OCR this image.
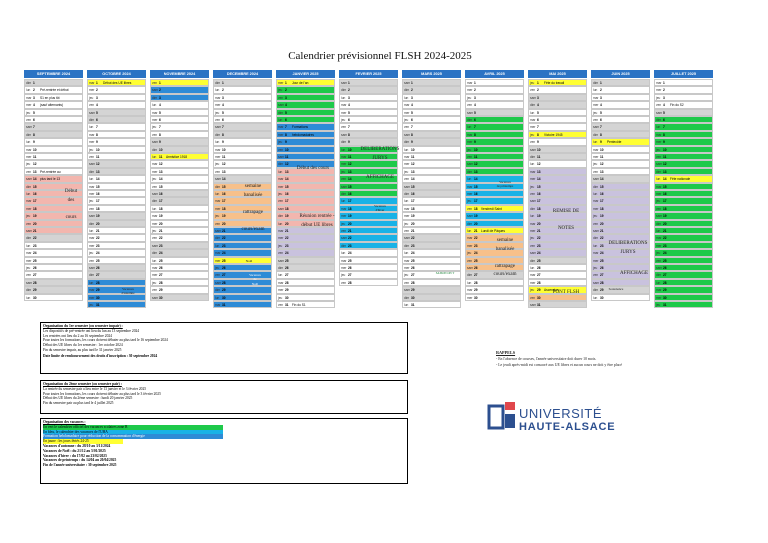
Calendrier prévisionnel FLSH 2024-2025
SEPTEMBRE 2024
dim 1
lun 2	Pré-rentrée et début
mar 3	S1 en plus tôt
mer 4	(sauf alternants)
jeu 5
ven 6
sam 7
dim 8
lun 9
mar 10
mer 11
jeu 12
ven 13	Pré-rentrée au
sam 14	plus tard le 13
dim 15
lun 16
mar 17
mer 18
jeu 19
ven 20
sam 21
dim 22
lun 23
mar 24
mer 25
jeu 26
ven 27
sam 28
dim 29
lun 30
OCTOBRE 2024
mar 1	Début des UE libres
mer 2
jeu 3
ven 4
sam 5
dim 6
lun 7
mar 8
mer 9
jeu 10
ven 11
sam 12
dim 13
lun 14
mar 15
mer 16
jeu 17
ven 18
sam 19
dim 20
lun 21
mar 22
mer 23
jeu 24
ven 25
sam 26
dim 27
lun 28
mar 29
mer 30
jeu 31
NOVEMBRE 2024
ven 1
sam 2
dim 3
lun 4
mar 5
mer 6
jeu 7
ven 8
sam 9
dim 10
lun 11	Armistice 1918
mar 12
mer 13
jeu 14
ven 15
sam 16
dim 17
lun 18
mar 19
mer 20
jeu 21
ven 22
sam 23
dim 24
lun 25
mar 26
mer 27
jeu 28
ven 29
sam 30
DECEMBRE 2024
dim 1
lun 2
mar 3
mer 4
jeu 5
ven 6
sam 7
dim 8
lun 9
mar 10
mer 11
jeu 12
ven 13
sam 14
dim 15
lun 16
mar 17
mer 18
jeu 19
ven 20
sam 21
dim 22
lun 23
mar 24
mer 25
jeu 26
ven 27
sam 28
dim 29
lun 30
mar 31
JANVIER 2025
mer 1	Jour de l'an
jeu 2
ven 3
sam 4
dim 5
lun 6
mar 7	Formations
mer 8	hebdomadaires
jeu 9
ven 10
sam 11
dim 12
lun 13
mar 14
mer 15
jeu 16
ven 17
sam 18
dim 19
lun 20
mar 21
mer 22
jeu 23
ven 24
sam 25
dim 26
lun 27
mar 28
mer 29
jeu 30
ven 31	Fin du S1
FEVRIER 2025
sam 1
dim 2
lun 3
mar 4
mer 5
jeu 6
ven 7
sam 8
dim 9
lun 10
mar 11
mer 12
jeu 13
ven 14
sam 15
dim 16
lun 17
mar 18
mer 19
jeu 20
ven 21
sam 22
dim 23
lun 24
mar 25
mer 26
jeu 27
ven 28
MARS 2025
sam 1
dim 2
lun 3
mar 4
mer 5
jeu 6
ven 7
sam 8
dim 9
lun 10
mar 11
mer 12
jeu 13
ven 14
sam 15
dim 16
lun 17
mar 18
mer 19
jeu 20
ven 21
sam 22
dim 23
lun 24
mar 25
mer 26
jeu 27
ven 28
sam 29
dim 30
lun 31
AVRIL 2025
mar 1
mer 2
jeu 3
ven 4
sam 5
dim 6
lun 7
mar 8
mer 9
jeu 10
ven 11
sam 12
dim 13
lun 14
mar 15
mer 16
jeu 17
ven 18	Vendredi Saint
sam 19
dim 20
lun 21	Lundi de Pâques
mar 22
mer 23
jeu 24
ven 25
sam 26
dim 27
lun 28
mar 29
mer 30
MAI 2025
jeu 1	Fête du travail
ven 2
sam 3
dim 4
lun 5
mar 6
mer 7
jeu 8	Victoire 1945
ven 9
sam 10
dim 11
lun 12
mar 13
mer 14
jeu 15
ven 16
sam 17
dim 18
lun 19
mar 20
mer 21
jeu 22
ven 23
sam 24
dim 25
lun 26
mar 27
mer 28
jeu 29	Ascension
ven 30
sam 31
JUIN 2025
dim 1
lun 2
mar 3
mer 4
jeu 5
ven 6
sam 7
dim 8
lun 9	Pentecôte
mar 10
mer 11
jeu 12
ven 13
sam 14
dim 15
lun 16
mar 17
mer 18
jeu 19
ven 20
sam 21
dim 22
lun 23
mar 24
mer 25
jeu 26
ven 27
sam 28
dim 29
lun 30
JUILLET 2025
mar 1
mer 2
jeu 3
ven 4	Fin du S2
sam 5
dim 6
lun 7
mar 8
mer 9
jeu 10
ven 11
sam 12
dim 13
lun 14	Fête nationale
mar 15
mer 16
jeu 17
ven 18
sam 19
dim 20
lun 21
mar 22
mer 23
jeu 24
ven 25
sam 26
dim 27
lun 28
mar 29
mer 30
jeu 31
Début
des

cours
semaine
banalisée

rattrapage

cours/exam
Début des cours
Réunion rentrée -
début UE libres
DELIBERATIONS
JURYS
AFFICHAGE
Vacances
d'hiver
SAISON ON T
Vacances
de printemps
semaine
banalisée

rattrapage
cours/exam
REMISE DE

NOTES
PONT FLSH
Soutenance
DELIBERATIONS
JURYS
AFFICHAGE
Noël
Vacances
de
Noël
Vacances
d'automne
Organisation du 1er semestre (ou semestre impair) :
Les dispositifs de pré-rentrée ont lieu du lun au 13 septembre 2024
Les rentrées ont lieu du 2 au 16 septembre 2024
Pour toutes les formations, les cours doivent débuter au plus tard le 16 septembre 2024
Début des UE libres du 1er semestre : 1er octobre 2024
Fin du semestre impair, au plus tard le 31 janvier 2025
Date limite de remboursement des droits d'inscription : 30 septembre 2024
Organisation du 2ème semestre (ou semestre pair) :
La rentrée du semestre pair a lieu entre le 13 janvier et le 3 février 2025
Pour toutes les formations, les cours doivent débuter au plus tard le 3 février 2025
Début des UE libres du 2ème semestre : lundi 20 janvier 2025
Fin du semestre pair au plus tard le 4 juillet 2025
Organisation des vacances :
En vert le calendrier officiel des vacances scolaires zone B
En bleu, le calendrier des vacances de l'UHA
Formation hebdomadaire pour réduction de la consommation d'énergie
En jaune : les jours fériés 24-25
Vacances d'automne : du 28/10 au 3/11/2024
Vacances de Noël : du 21/12 au 5/01/2025
Vacances d'hiver : du 17/02 au 23/02/2025
Vacances de printemps : du 14/04 au 20/04/2025
Fin de l'année universitaire : 30 septembre 2025
RAPPELS
- En l'absence de courses, l'année universitaire doit durer 10 mois.
- Le jeudi après-midi est consacré aux UE libres et aucun cours ne doit y être placé
UNIVERSITÉ
HAUTE-ALSACE
